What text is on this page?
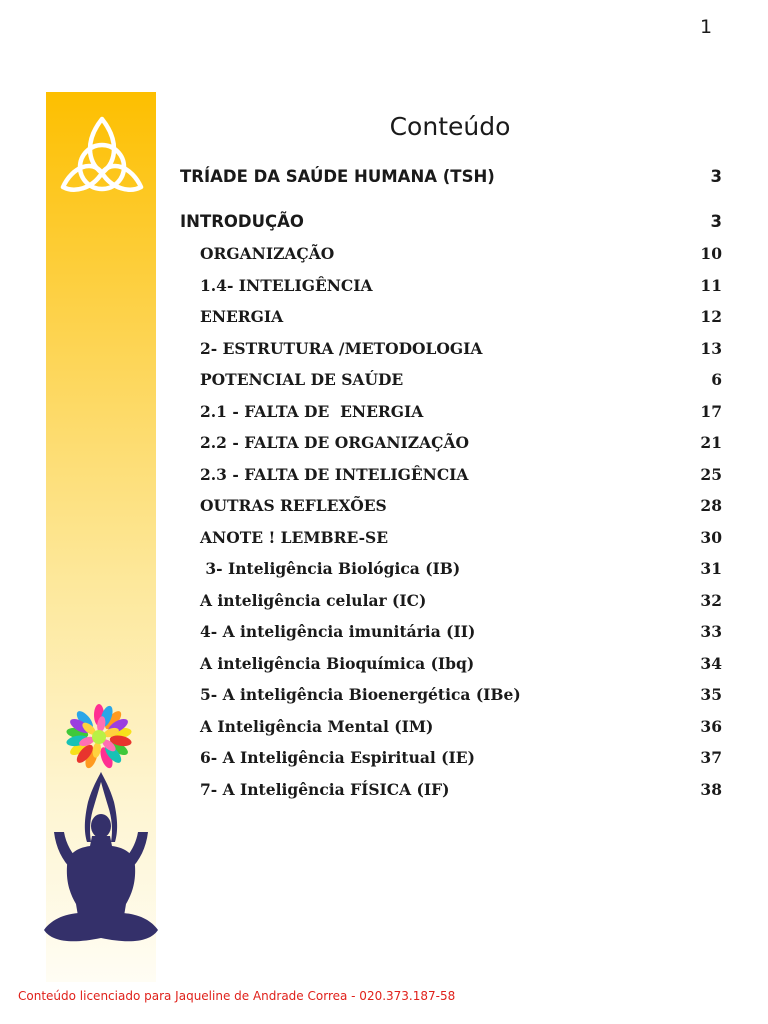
1
Conteúdo
TRÍADE DA SAÚDE HUMANA (TSH)	3
INTRODUÇÃO	3
ORGANIZAÇÃO	10
1.4- INTELIGÊNCIA	11
ENERGIA	12
2- ESTRUTURA /METODOLOGIA	13
POTENCIAL DE SAÚDE	6
2.1 - FALTA DE  ENERGIA	17
2.2 - FALTA DE ORGANIZAÇÃO	21
2.3 - FALTA DE INTELIGÊNCIA	25
OUTRAS REFLEXÕES	28
ANOTE ! LEMBRE-SE	30
3- Inteligência Biológica (IB)	31
A inteligência celular (IC)	32
4- A inteligência imunitária (II)	33
A inteligência Bioquímica (Ibq)	34
5- A inteligência Bioenergética (IBe)	35
A Inteligência Mental (IM)	36
6- A Inteligência Espiritual (IE)	37
7- A Inteligência FÍSICA (IF)	38
Conteúdo licenciado para Jaqueline de Andrade Correa - 020.373.187-58
